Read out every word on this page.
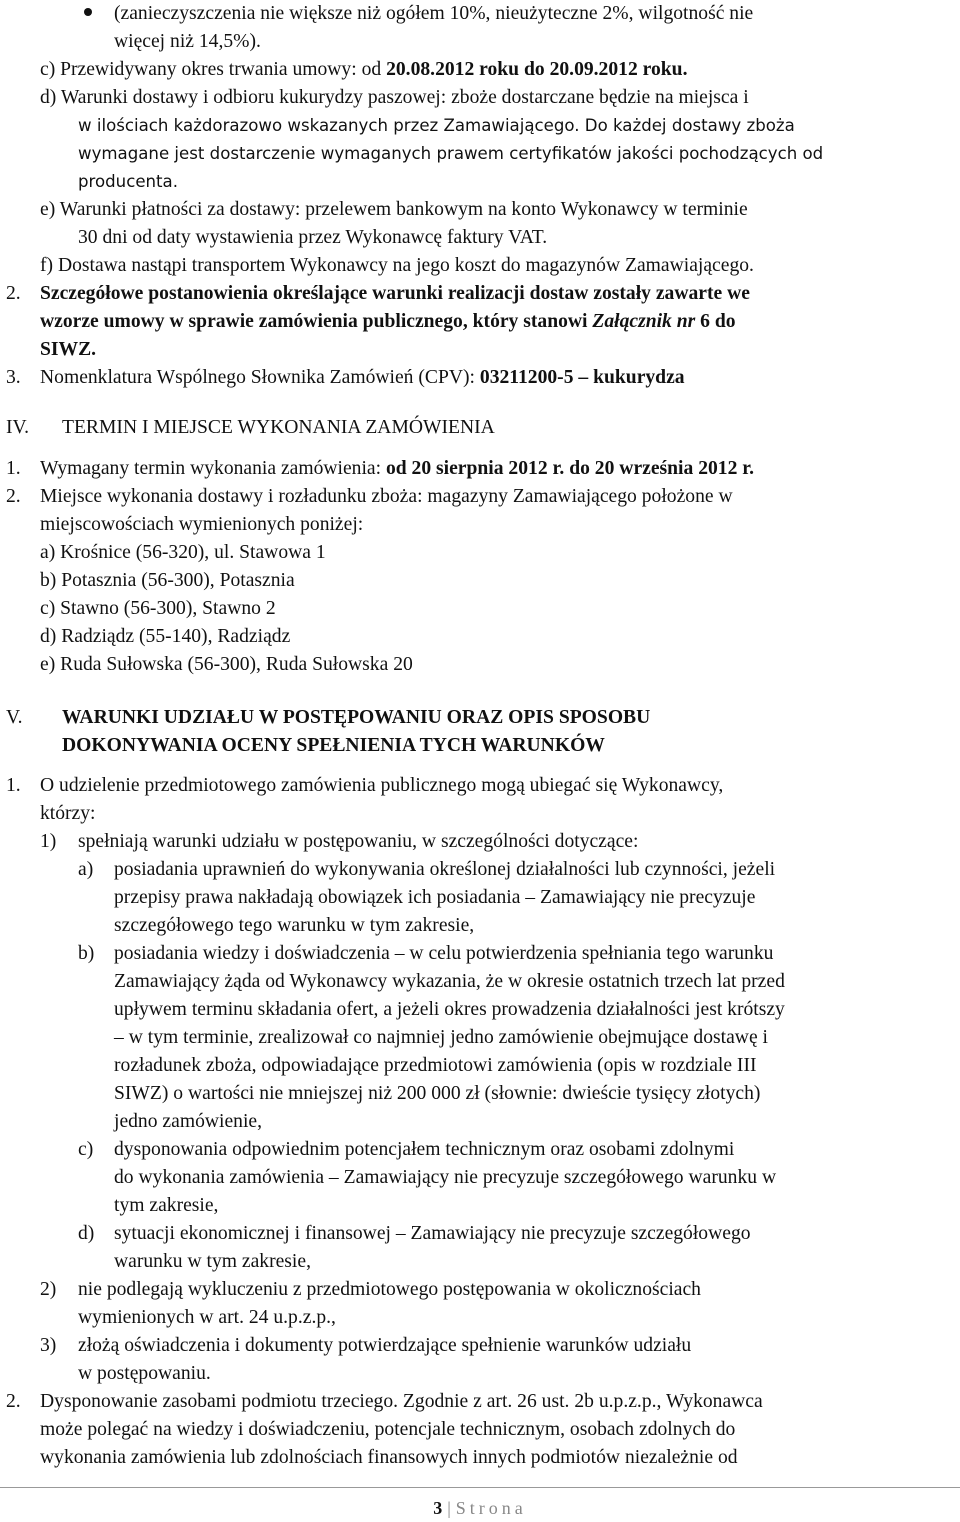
(zanieczyszczenia nie większe niż ogółem 10%, nieużyteczne 2%, wilgotność nie
więcej niż 14,5%).
c) Przewidywany okres trwania umowy: od 20.08.2012 roku do 20.09.2012 roku.
d) Warunki dostawy i odbioru kukurydzy paszowej: zboże dostarczane będzie na miejsca i
w ilościach każdorazowo wskazanych przez Zamawiającego. Do każdej dostawy zboża
wymagane jest dostarczenie wymaganych prawem certyfikatów jakości pochodzących od
producenta.
e) Warunki płatności za dostawy: przelewem bankowym na konto Wykonawcy w terminie
30 dni od daty wystawienia przez Wykonawcę faktury VAT.
f) Dostawa nastąpi transportem Wykonawcy na jego koszt do magazynów Zamawiającego.
2. Szczegółowe postanowienia określające warunki realizacji dostaw zostały zawarte we
wzorze umowy w sprawie zamówienia publicznego, który stanowi Załącznik nr 6 do
SIWZ.
3. Nomenklatura Wspólnego Słownika Zamówień (CPV): 03211200-5 – kukurydza
IV. TERMIN I MIEJSCE WYKONANIA ZAMÓWIENIA
1. Wymagany termin wykonania zamówienia: od 20 sierpnia 2012 r. do 20 września 2012 r.
2. Miejsce wykonania dostawy i rozładunku zboża: magazyny Zamawiającego położone w
miejscowościach wymienionych poniżej:
a) Krośnice (56-320), ul. Stawowa 1
b) Potasznia (56-300), Potasznia
c) Stawno (56-300), Stawno 2
d) Radziądz (55-140), Radziądz
e) Ruda Sułowska (56-300), Ruda Sułowska 20
V. WARUNKI UDZIAŁU W POSTĘPOWANIU ORAZ OPIS SPOSOBU
DOKONYWANIA OCENY SPEŁNIENIA TYCH WARUNKÓW
1. O udzielenie przedmiotowego zamówienia publicznego mogą ubiegać się Wykonawcy,
którzy:
1) spełniają warunki udziału w postępowaniu, w szczególności dotyczące:
a) posiadania uprawnień do wykonywania określonej działalności lub czynności, jeżeli
przepisy prawa nakładają obowiązek ich posiadania – Zamawiający nie precyzuje
szczegółowego tego warunku w tym zakresie,
b) posiadania wiedzy i doświadczenia – w celu potwierdzenia spełniania tego warunku
Zamawiający żąda od Wykonawcy wykazania, że w okresie ostatnich trzech lat przed
upływem terminu składania ofert, a jeżeli okres prowadzenia działalności jest krótszy
– w tym terminie, zrealizował co najmniej jedno zamówienie obejmujące dostawę i
rozładunek zboża, odpowiadające przedmiotowi zamówienia (opis w rozdziale III
SIWZ) o wartości nie mniejszej niż 200 000 zł (słownie: dwieście tysięcy złotych)
jedno zamówienie,
c) dysponowania odpowiednim potencjałem technicznym oraz osobami zdolnymi
do wykonania zamówienia – Zamawiający nie precyzuje szczegółowego warunku w
tym zakresie,
d) sytuacji ekonomicznej i finansowej – Zamawiający nie precyzuje szczegółowego
warunku w tym zakresie,
2) nie podlegają wykluczeniu z przedmiotowego postępowania w okolicznościach
wymienionych w art. 24 u.p.z.p.,
3) złożą oświadczenia i dokumenty potwierdzające spełnienie warunków udziału
w postępowaniu.
2. Dysponowanie zasobami podmiotu trzeciego. Zgodnie z art. 26 ust. 2b u.p.z.p., Wykonawca
może polegać na wiedzy i doświadczeniu, potencjale technicznym, osobach zdolnych do
wykonania zamówienia lub zdolnościach finansowych innych podmiotów niezależnie od
3 | Strona
